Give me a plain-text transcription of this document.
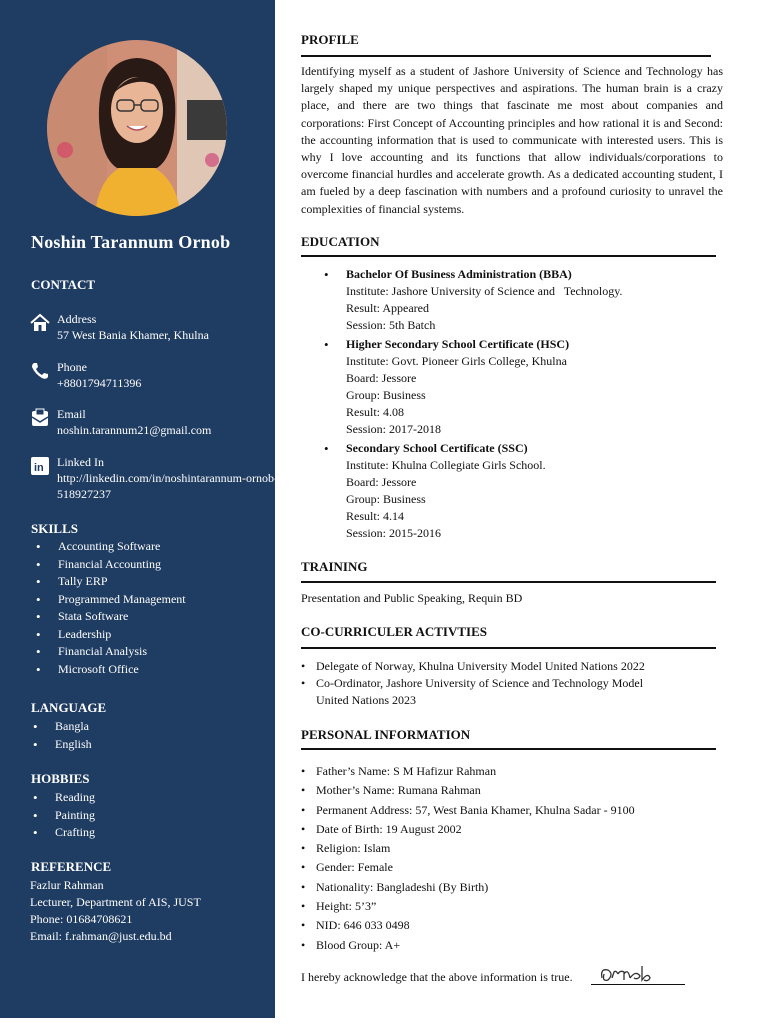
Noshin Tarannum Ornob
CONTACT
Address
57 West Bania Khamer, Khulna
Phone
+8801794711396
Email
noshin.tarannum21@gmail.com
in Linked In
http://linkedin.com/in/noshintarannum-ornob-518927237
SKILLS
• Accounting Software
• Financial Accounting
• Tally ERP
• Programmed Management
• Stata Software
• Leadership
• Financial Analysis
• Microsoft Office
LANGUAGE
• Bangla
• English
HOBBIES
• Reading
• Painting
• Crafting
REFERENCE
Fazlur Rahman
Lecturer, Department of AIS, JUST
Phone: 01684708621
Email: f.rahman@just.edu.bd
PROFILE
Identifying myself as a student of Jashore University of Science and Technology has largely shaped my unique perspectives and aspirations. The human brain is a crazy place, and there are two things that fascinate me most about companies and corporations: First Concept of Accounting principles and how rational it is and Second: the accounting information that is used to communicate with interested users. This is why I love accounting and its functions that allow individuals/corporations to overcome financial hurdles and accelerate growth. As a dedicated accounting student, I am fueled by a deep fascination with numbers and a profound curiosity to unravel the complexities of financial systems.
EDUCATION
• Bachelor Of Business Administration (BBA)
Institute: Jashore University of Science and   Technology.
Result: Appeared
Session: 5th Batch
• Higher Secondary School Certificate (HSC)
Institute: Govt. Pioneer Girls College, Khulna
Board: Jessore
Group: Business
Result: 4.08
Session: 2017-2018
• Secondary School Certificate (SSC)
Institute: Khulna Collegiate Girls School.
Board: Jessore
Group: Business
Result: 4.14
Session: 2015-2016
TRAINING
Presentation and Public Speaking, Requin BD
CO-CURRICULER ACTIVTIES
• Delegate of Norway, Khulna University Model United Nations 2022
• Co-Ordinator, Jashore University of Science and Technology Model United Nations 2023
PERSONAL INFORMATION
• Father’s Name: S M Hafizur Rahman
• Mother’s Name: Rumana Rahman
• Permanent Address: 57, West Bania Khamer, Khulna Sadar - 9100
• Date of Birth: 19 August 2002
• Religion: Islam
• Gender: Female
• Nationality: Bangladeshi (By Birth)
• Height: 5’3”
• NID: 646 033 0498
• Blood Group: A+
I hereby acknowledge that the above information is true.
